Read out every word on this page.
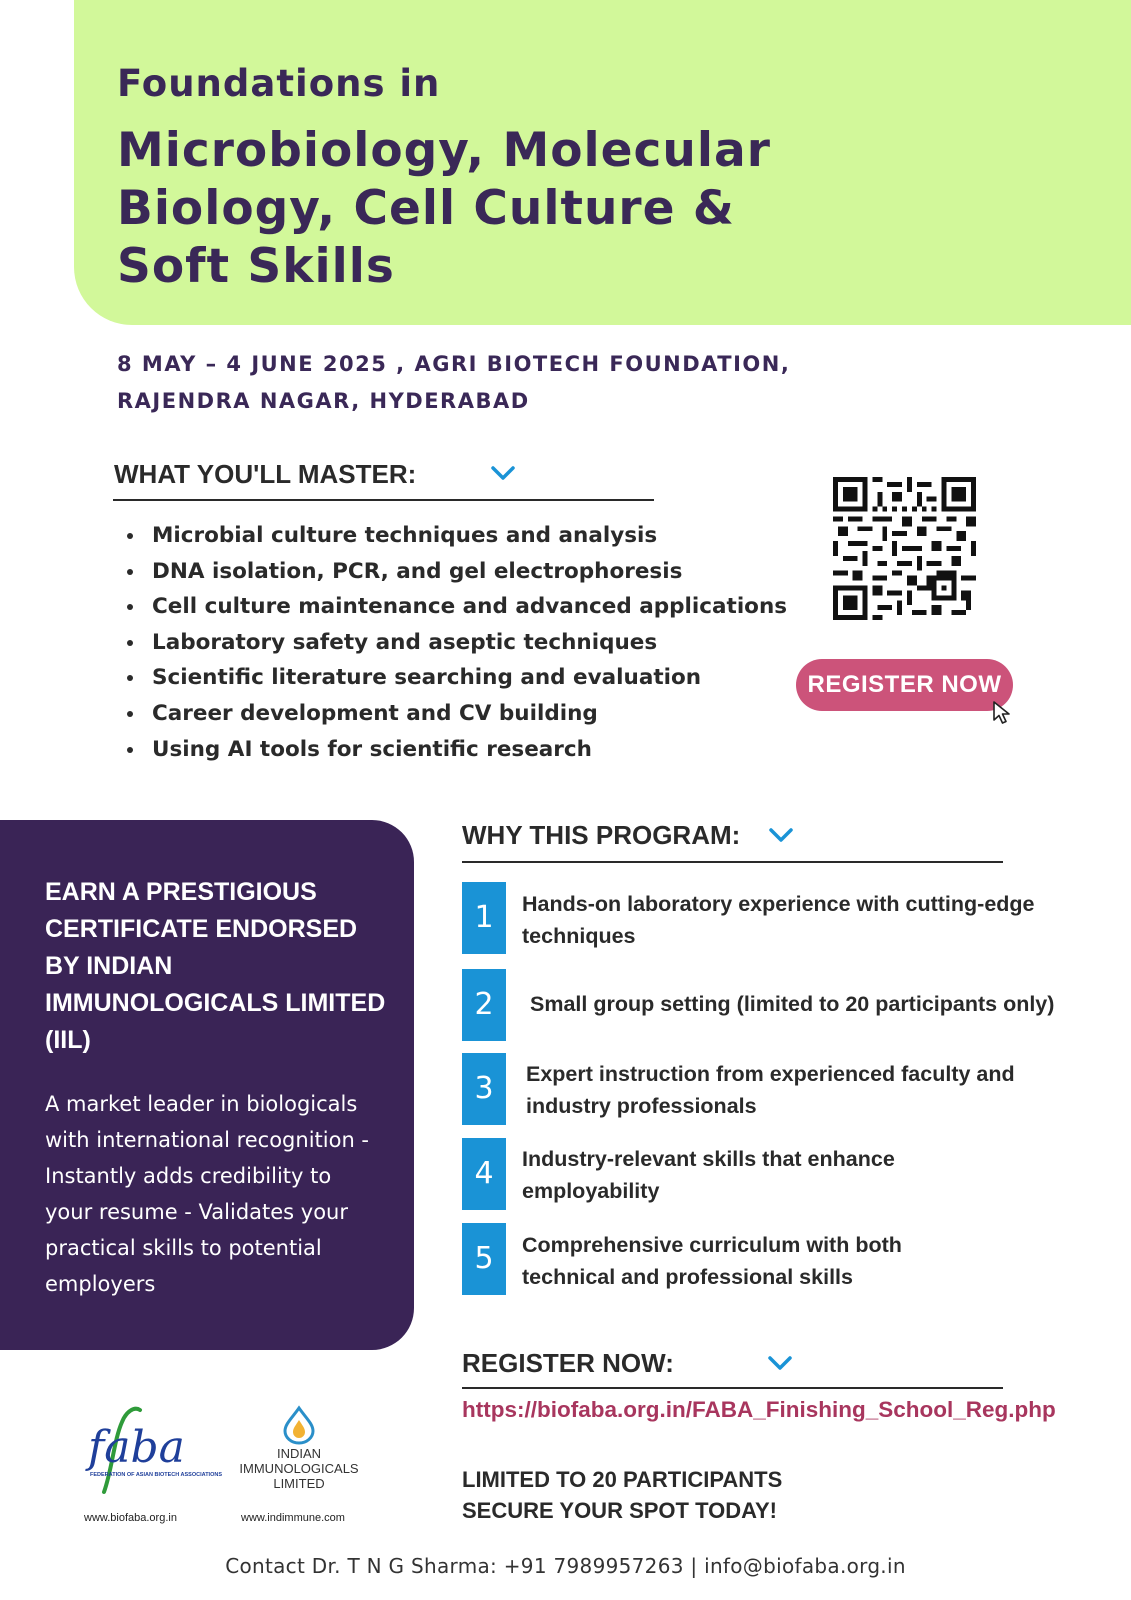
Foundations in
Microbiology, Molecular
Biology, Cell Culture &
Soft Skills
8 MAY – 4 JUNE 2025 , AGRI BIOTECH FOUNDATION,
RAJENDRA NAGAR, HYDERABAD
WHAT YOU'LL MASTER:
Microbial culture techniques and analysis
DNA isolation, PCR, and gel electrophoresis
Cell culture maintenance and advanced applications
Laboratory safety and aseptic techniques
Scientific literature searching and evaluation
Career development and CV building
Using AI tools for scientific research
REGISTER NOW
EARN A PRESTIGIOUS CERTIFICATE ENDORSED BY INDIAN IMMUNOLOGICALS LIMITED (IIL)
A market leader in biologicals with international recognition - Instantly adds credibility to your resume - Validates your practical skills to potential employers
WHY THIS PROGRAM:
1	Hands-on laboratory experience with cutting-edge techniques
2	Small group setting (limited to 20 participants only)
3	Expert instruction from experienced faculty and industry professionals
4	Industry-relevant skills that enhance employability
5	Comprehensive curriculum with both technical and professional skills
REGISTER NOW:
https://biofaba.org.in/FABA_Finishing_School_Reg.php
LIMITED TO 20 PARTICIPANTS
SECURE YOUR SPOT TODAY!
faba
FEDERATION OF ASIAN BIOTECH ASSOCIATIONS
www.biofaba.org.in
INDIAN
IMMUNOLOGICALS
LIMITED
www.indimmune.com
Contact Dr. T N G Sharma: +91 7989957263 | info@biofaba.org.in
